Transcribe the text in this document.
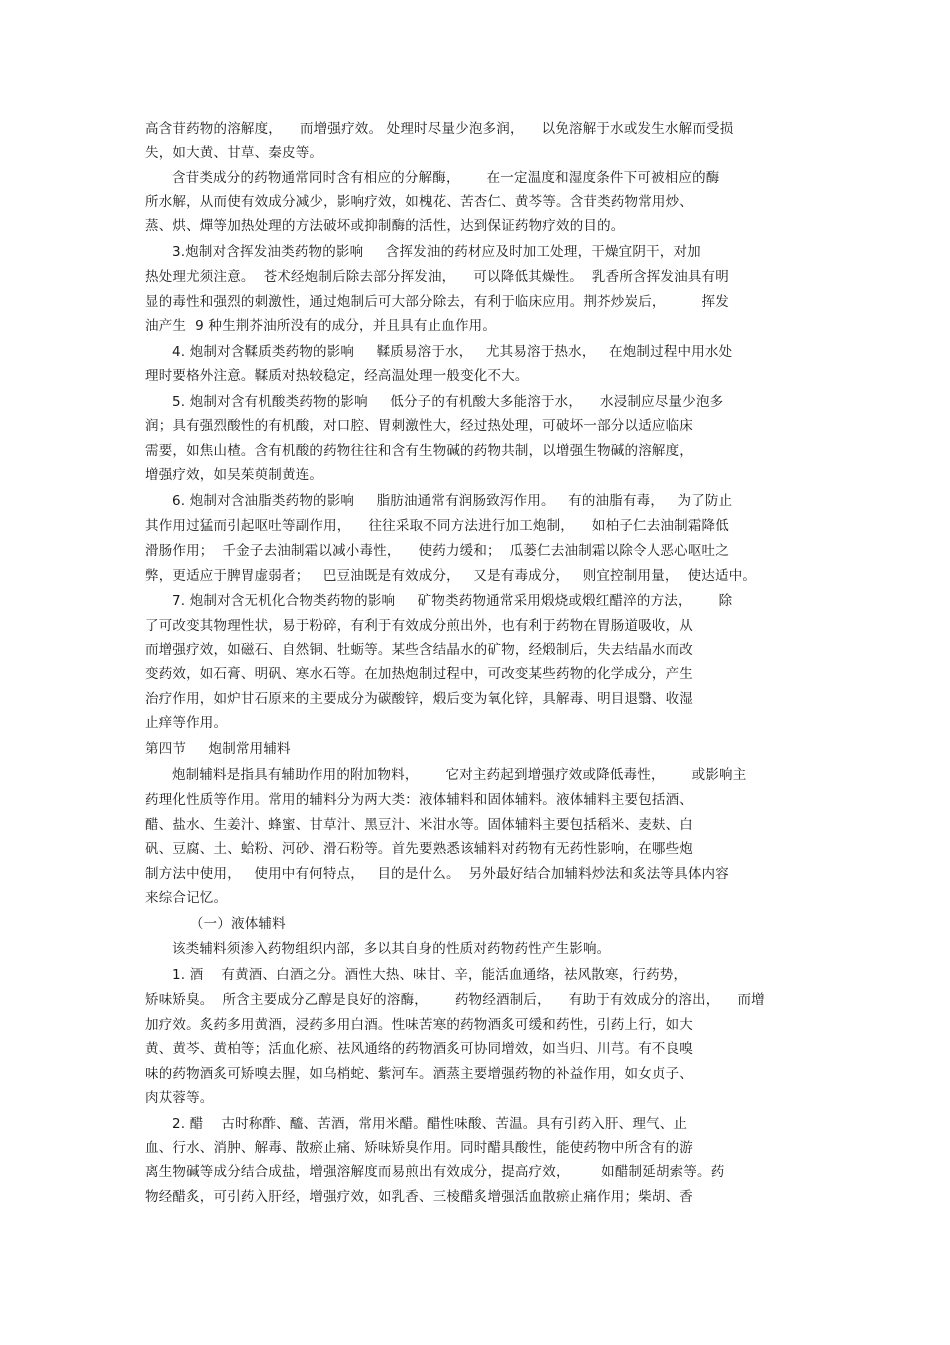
高含苷药物的溶解度，    而增强疗效。 处理时尽量少泡多润，    以免溶解于水或发生水解而受损
失，如大黄、甘草、秦皮等。
含苷类成分的药物通常同时含有相应的分解酶，      在一定温度和湿度条件下可被相应的酶
所水解，从而使有效成分减少，影响疗效，如槐花、苦杏仁、黄芩等。含苷类药物常用炒、
蒸、烘、燀等加热处理的方法破坏或抑制酶的活性，达到保证药物疗效的目的。
3.炮制对含挥发油类药物的影响     含挥发油的药材应及时加工处理，干燥宜阴干，对加
热处理尤须注意。  苍术经炮制后除去部分挥发油，    可以降低其燥性。  乳香所含挥发油具有明
显的毒性和强烈的刺激性，通过炮制后可大部分除去，有利于临床应用。荆芥炒炭后，        挥发
油产生  9 种生荆芥油所没有的成分，并且具有止血作用。
4. 炮制对含鞣质类药物的影响     鞣质易溶于水，   尤其易溶于热水，   在炮制过程中用水处
理时要格外注意。鞣质对热较稳定，经高温处理一般变化不大。
5. 炮制对含有机酸类药物的影响     低分子的有机酸大多能溶于水，    水浸制应尽量少泡多
润；具有强烈酸性的有机酸，对口腔、胃刺激性大，经过热处理，可破坏一部分以适应临床
需要，如焦山楂。含有机酸的药物往往和含有生物碱的药物共制，以增强生物碱的溶解度，
增强疗效，如吴茱萸制黄连。
6. 炮制对含油脂类药物的影响     脂肪油通常有润肠致泻作用。   有的油脂有毒，   为了防止
其作用过猛而引起呕吐等副作用，    往往采取不同方法进行加工炮制，    如柏子仁去油制霜降低
滑肠作用；  千金子去油制霜以减小毒性，    使药力缓和；  瓜蒌仁去油制霜以除令人恶心呕吐之
弊，更适应于脾胃虚弱者；   巴豆油既是有效成分，   又是有毒成分，   则宜控制用量，  使达适中。
7. 炮制对含无机化合物类药物的影响     矿物类药物通常采用煅烧或煅红醋淬的方法，      除
了可改变其物理性状，易于粉碎，有利于有效成分煎出外，也有利于药物在胃肠道吸收，从
而增强疗效，如磁石、自然铜、牡蛎等。某些含结晶水的矿物，经煅制后，失去结晶水而改
变药效，如石膏、明矾、寒水石等。在加热炮制过程中，可改变某些药物的化学成分，产生
治疗作用，如炉甘石原来的主要成分为碳酸锌，煅后变为氧化锌，具解毒、明目退翳、收湿
止痒等作用。
第四节     炮制常用辅料
炮制辅料是指具有辅助作用的附加物料，      它对主药起到增强疗效或降低毒性，      或影响主
药理化性质等作用。常用的辅料分为两大类：液体辅料和固体辅料。液体辅料主要包括酒、
醋、盐水、生姜汁、蜂蜜、甘草汁、黑豆汁、米泔水等。固体辅料主要包括稻米、麦麸、白
矾、豆腐、土、蛤粉、河砂、滑石粉等。首先要熟悉该辅料对药物有无药性影响，在哪些炮
制方法中使用，   使用中有何特点，   目的是什么。  另外最好结合加辅料炒法和炙法等具体内容
来综合记忆。
（一）液体辅料
该类辅料须渗入药物组织内部，多以其自身的性质对药物药性产生影响。
1. 酒    有黄酒、白酒之分。酒性大热、味甘、辛，能活血通络，祛风散寒，行药势，
矫味矫臭。  所含主要成分乙醇是良好的溶酶，      药物经酒制后，    有助于有效成分的溶出，    而增
加疗效。炙药多用黄酒，浸药多用白酒。性味苦寒的药物酒炙可缓和药性，引药上行，如大
黄、黄芩、黄柏等；活血化瘀、祛风通络的药物酒炙可协同增效，如当归、川芎。有不良嗅
味的药物酒炙可矫嗅去腥，如乌梢蛇、紫河车。酒蒸主要增强药物的补益作用，如女贞子、
肉苁蓉等。
2. 醋    古时称酢、醯、苦酒，常用米醋。醋性味酸、苦温。具有引药入肝、理气、止
血、行水、消肿、解毒、散瘀止痛、矫味矫臭作用。同时醋具酸性，能使药物中所含有的游
离生物碱等成分结合成盐，增强溶解度而易煎出有效成分，提高疗效，       如醋制延胡索等。药
物经醋炙，可引药入肝经，增强疗效，如乳香、三棱醋炙增强活血散瘀止痛作用；柴胡、香
